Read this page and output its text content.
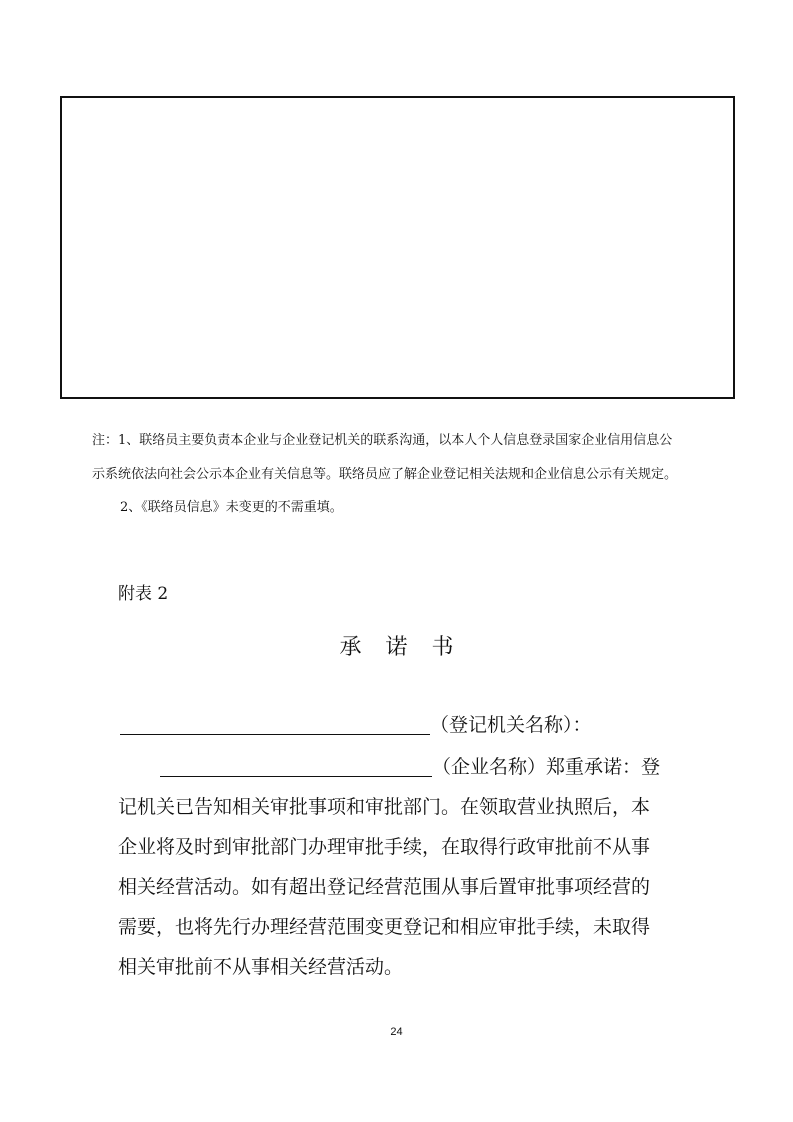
注：1、联络员主要负责本企业与企业登记机关的联系沟通，以本人个人信息登录国家企业信用信息公
示系统依法向社会公示本企业有关信息等。联络员应了解企业登记相关法规和企业信息公示有关规定。
2、《联络员信息》未变更的不需重填。
附表 2
承诺书
（登记机关名称）：
（企业名称）郑重承诺：登
记机关已告知相关审批事项和审批部门。在领取营业执照后，本
企业将及时到审批部门办理审批手续，在取得行政审批前不从事
相关经营活动。如有超出登记经营范围从事后置审批事项经营的
需要，也将先行办理经营范围变更登记和相应审批手续，未取得
相关审批前不从事相关经营活动。
24
